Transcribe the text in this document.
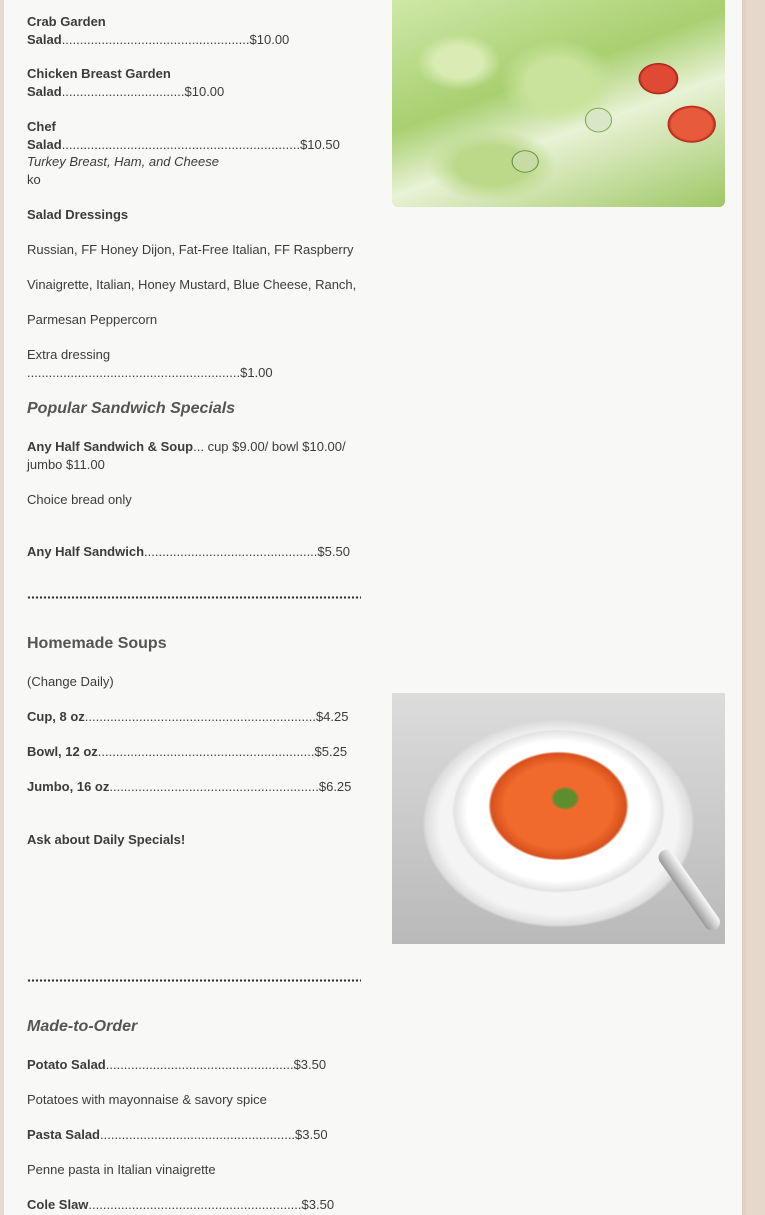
Crab Garden Salad....................................................$10.00
Chicken Breast Garden Salad..................................$10.00
Chef Salad..................................................................$10.50
Turkey Breast, Ham, and Cheese
ko
Salad Dressings
Russian, FF Honey Dijon, Fat-Free Italian, FF Raspberry
Vinaigrette, Italian, Honey Mustard, Blue Cheese, Ranch,
Parmesan Peppercorn
Extra dressing
...........................................................$1.00
Popular Sandwich Specials
Any Half Sandwich & Soup... cup $9.00/ bowl $10.00/ jumbo $11.00
Choice bread only
Any Half Sandwich................................................$5.50
Homemade Soups
(Change Daily)
Cup, 8 oz................................................................$4.25
Bowl, 12 oz............................................................$5.25
Jumbo, 16 oz..........................................................$6.25
Ask about Daily Specials!
Made-to-Order
Potato Salad....................................................$3.50
Potatoes with mayonnaise & savory spice
Pasta Salad......................................................$3.50
Penne pasta in Italian vinaigrette
Cole Slaw...........................................................$3.50
